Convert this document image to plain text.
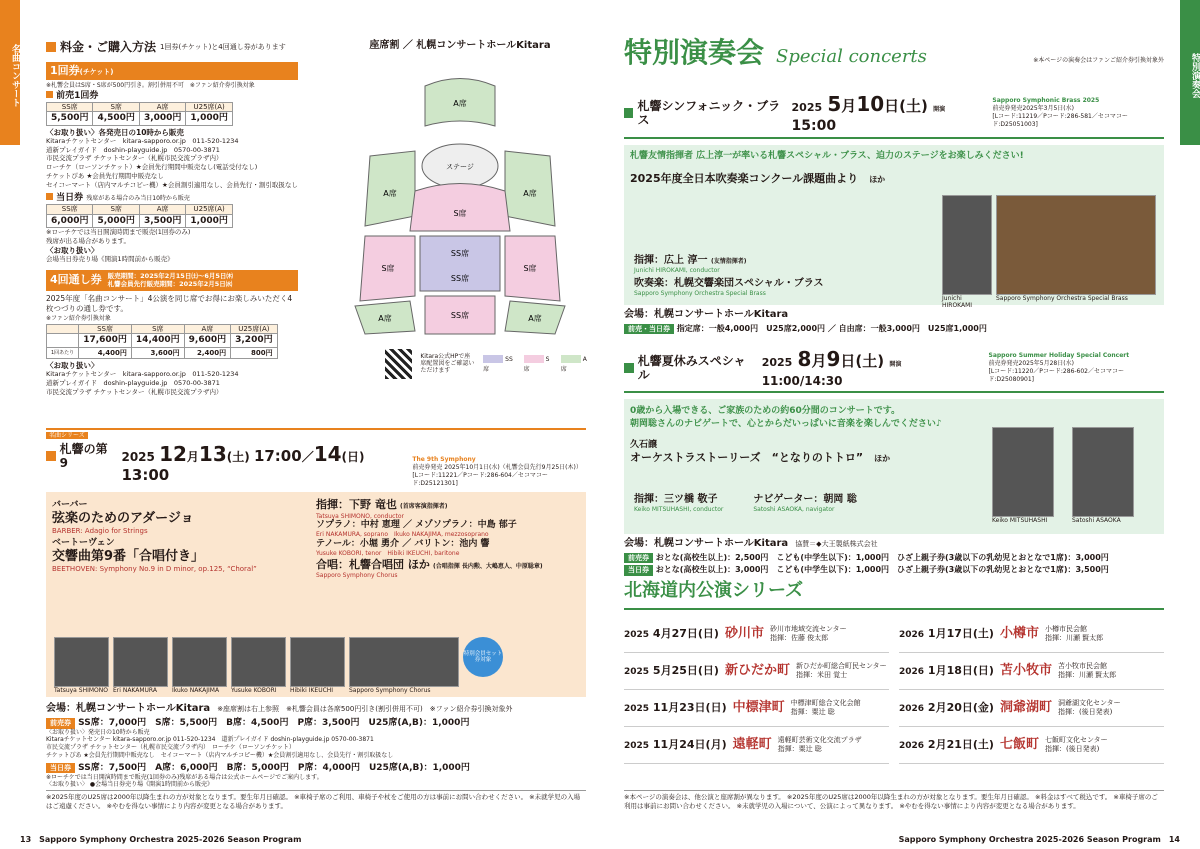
名曲コンサート	特別演奏会
料金・ご購入方法 1回券(チケット)と4回通し券があります
1回券(チケット)
※札響会員はS席・S席が500円引き。割引併用不可　 ※ファン紹介券引換対象
前売1回券
SS席	S席	A席	U25席(A)
5,500円	4,500円	3,000円	1,000円
〈お取り扱い〉各発売日の10時から販売
Kitaraチケットセンター　kitara-sapporo.or.jp　011-520-1234
道新プレイガイド　doshin-playguide.jp　0570-00-3871
市民交流プラザ チケットセンター（札幌市民交流プラザ内）
ローチケ（ローソンチケット）★会員先行期間中販売なし(電話受付なし)
チケットぴあ ★会員先行期間中販売なし
セイコーマート（店内マルチコピー機）★会員割引適用なし、会員先行・割引取扱なし
当日券 残席がある場合のみ当日10時から販売
SS席	S席	A席	U25席(A)
6,000円	5,000円	3,500円	1,000円
※ローチケでは当日開演時間まで販売(1回券のみ)
残席が出る場合があります。
〈お取り扱い〉
会場当日券売り場《開演1時間前から販売》
4回通し券 販売期間：2025年2月15日㈯〜6月5日㈭
札響会員先行販売期間：2025年2月5日㈬
2025年度「名曲コンサート」4公演を同じ席でお得にお楽しみいただく4枚つづりの通し券です。
※ファン紹介券引換対象
	SS席	S席	A席	U25席(A)
	17,600円	14,400円	9,600円	3,200円
1回あたり	4,400円	3,600円	2,400円	800円
〈お取り扱い〉
Kitaraチケットセンター　kitara-sapporo.or.jp　011-520-1234
道新プレイガイド　doshin-playguide.jp　0570-00-3871
市民交流プラザ チケットセンター（札幌市民交流プラザ内）
座席割 ／ 札幌コンサートホールKitara
A席
ステージ
A席	A席
S席
SS席
SS席
S席	S席
A席	A席
SS席
Kitara公式HPで座席配置図をご確認いただけます
SS席
S席
A席
名曲シリーズ
札響の第9	2025 12月13(土) 17:00／14(日) 13:00
The 9th Symphony
前売券発売 2025年10月1日(水)（札響会員先行9月25日(木)）
[Lコード:11221／Pコード:286-604／セコマコード:D25121301]
バーバー
弦楽のためのアダージョ
BARBER: Adagio for Strings
ベートーヴェン
交響曲第9番「合唱付き」
BEETHOVEN: Symphony No.9 in D minor, op.125, “Choral”
指揮：下野 竜也 (首席客演指揮者)
Tatsuya SHIMONO, conductor
ソプラノ：中村 恵理 ／ メゾソプラノ：中島 郁子
Eri NAKAMURA, soprano　 Ikuko NAKAJIMA, mezzosoprano
テノール：小堀 勇介 ／ バリトン：池内 響
Yusuke KOBORI, tenor　 Hibiki IKEUCHI, baritone
合唱：札響合唱団 ほか (合唱指揮 長内勲、大嶋恵人、中原聡章)
Sapporo Symphony Chorus
Tatsuya SHIMONO Eri NAKAMURA	Ikuko NAKAJIMA	Yusuke KOBORI	Hibiki IKEUCHI	Sapporo Symphony Chorus
特別会員セット券対象
会場：札幌コンサートホールKitara　 ※座席割は右上参照　 ※札響会員は各席500円引き(割引併用不可)　 ※ファン紹介券引換対象外
前売券 SS席：7,000円　S席：5,500円　B席：4,500円　P席：3,500円　U25席(A,B)：1,000円
〈お取り扱い〉発売日の10時から販売
Kitaraチケットセンター kitara-sapporo.or.jp 011-520-1234　道新プレイガイド doshin-playguide.jp 0570-00-3871
市民交流プラザ チケットセンター（札幌市民交流プラザ内）　ローチケ（ローソンチケット）
チケットぴあ ★会員先行期間中販売なし　セイコーマート（店内マルチコピー機）★会員割引適用なし、会員先行・割引取扱なし
当日券 SS席：7,500円　A席：6,000円　B席：5,000円　P席：4,000円　U25席(A,B)：1,000円
※ローチケでは当日開演時間まで販売(1回券のみ)残席がある場合は公式ホームページでご案内します。
〈お取り扱い〉 ●会場当日券売り場《開演1時間前から販売》
※2025年度のU25席は2000年以降生まれの方が対象となります。要生年月日確認。 ※車椅子席のご利用、車椅子や杖をご使用の方は事前にお問い合わせください。 ※未就学児の入場はご遠慮ください。 ※やむを得ない事情により内容が変更となる場合があります。
13　 Sapporo Symphony Orchestra 2025-2026 Season Program
特別演奏会 Special concerts	※本ページの演奏会はファンご紹介券引換対象外
札響シンフォニック・ブラス
2025 5月10日(土) 開演 15:00
Sapporo Symphonic Brass 2025
前売券発売2025年3月5日(水)
[Lコード:11219／Pコード:286-581／セコマコード:D25051003]
札響友情指揮者 広上淳一が率いる札響スペシャル・ブラス、迫力のステージをお楽しみください!
2025年度全日本吹奏楽コンクール課題曲より　 ほか
指揮：広上 淳一 (友情指揮者)
Junichi HIROKAMI, conductor
吹奏楽：札幌交響楽団スペシャル・ブラス
Sapporo Symphony Orchestra Special Brass
Junichi HIROKAMI
Sapporo Symphony Orchestra Special Brass
会場：札幌コンサートホールKitara
前売・当日券 指定席：一般4,000円　U25席2,000円 ／ 自由席：一般3,000円　U25席1,000円
札響夏休みスペシャル
2025 8月9日(土) 開演 11:00/14:30
Sapporo Summer Holiday Special Concert
前売券発売2025年5月28日(水)
[Lコード:11220／Pコード:286-602／セコマコード:D25080901]
0歳から入場できる、ご家族のための約60分間のコンサートです。
朝岡聡さんのナビゲートで、心とからだいっぱいに音楽を楽しんでください♪
久石譲
オーケストラストーリーズ　“となりのトトロ”　 ほか
指揮：三ツ橋 敬子
Keiko MITSUHASHI, conductor
ナビゲーター：朝岡 聡
Satoshi ASAOKA, navigator
Keiko MITSUHASHI	Satoshi ASAOKA
会場：札幌コンサートホールKitara　 協賛＝◆大王製紙株式会社
前売券 おとな(高校生以上)：2,500円　こども(中学生以下)：1,000円　ひざ上親子券(3歳以下の乳幼児とおとなで1席)：3,000円
当日券 おとな(高校生以上)：3,000円　こども(中学生以下)：1,000円　ひざ上親子券(3歳以下の乳幼児とおとなで1席)：3,500円
北海道内公演シリーズ
2025 4月27日(日) 砂川市 砂川市地域交流センター
指揮：佐藤 俊太郎
2025 5月25日(日) 新ひだか町 新ひだか町総合町民センター
指揮：米田 覚士
2025 11月23日(日) 中標津町 中標津町総合文化会館
指揮：粟辻 聡
2025 11月24日(月) 遠軽町 遠軽町芸術文化交流プラザ
指揮：粟辻 聡
2026 1月17日(土) 小樽市 小樽市民会館
指揮：川瀬 賢太郎
2026 1月18日(日) 苫小牧市 苫小牧市民会館
指揮：川瀬 賢太郎
2026 2月20日(金) 洞爺湖町 洞爺湖文化センター
指揮：(後日発表)
2026 2月21日(土) 七飯町 七飯町文化センター
指揮：(後日発表)
※本ページの演奏会は、他公演と座席割が異なります。 ※2025年度のU25席は2000年以降生まれの方が対象となります。要生年月日確認。 ※料金はすべて税込です。 ※車椅子席のご利用は事前にお問い合わせください。 ※未就学児の入場について、公演によって異なります。 ※やむを得ない事情により内容が変更となる場合があります。
Sapporo Symphony Orchestra 2025-2026 Season Program　 14
